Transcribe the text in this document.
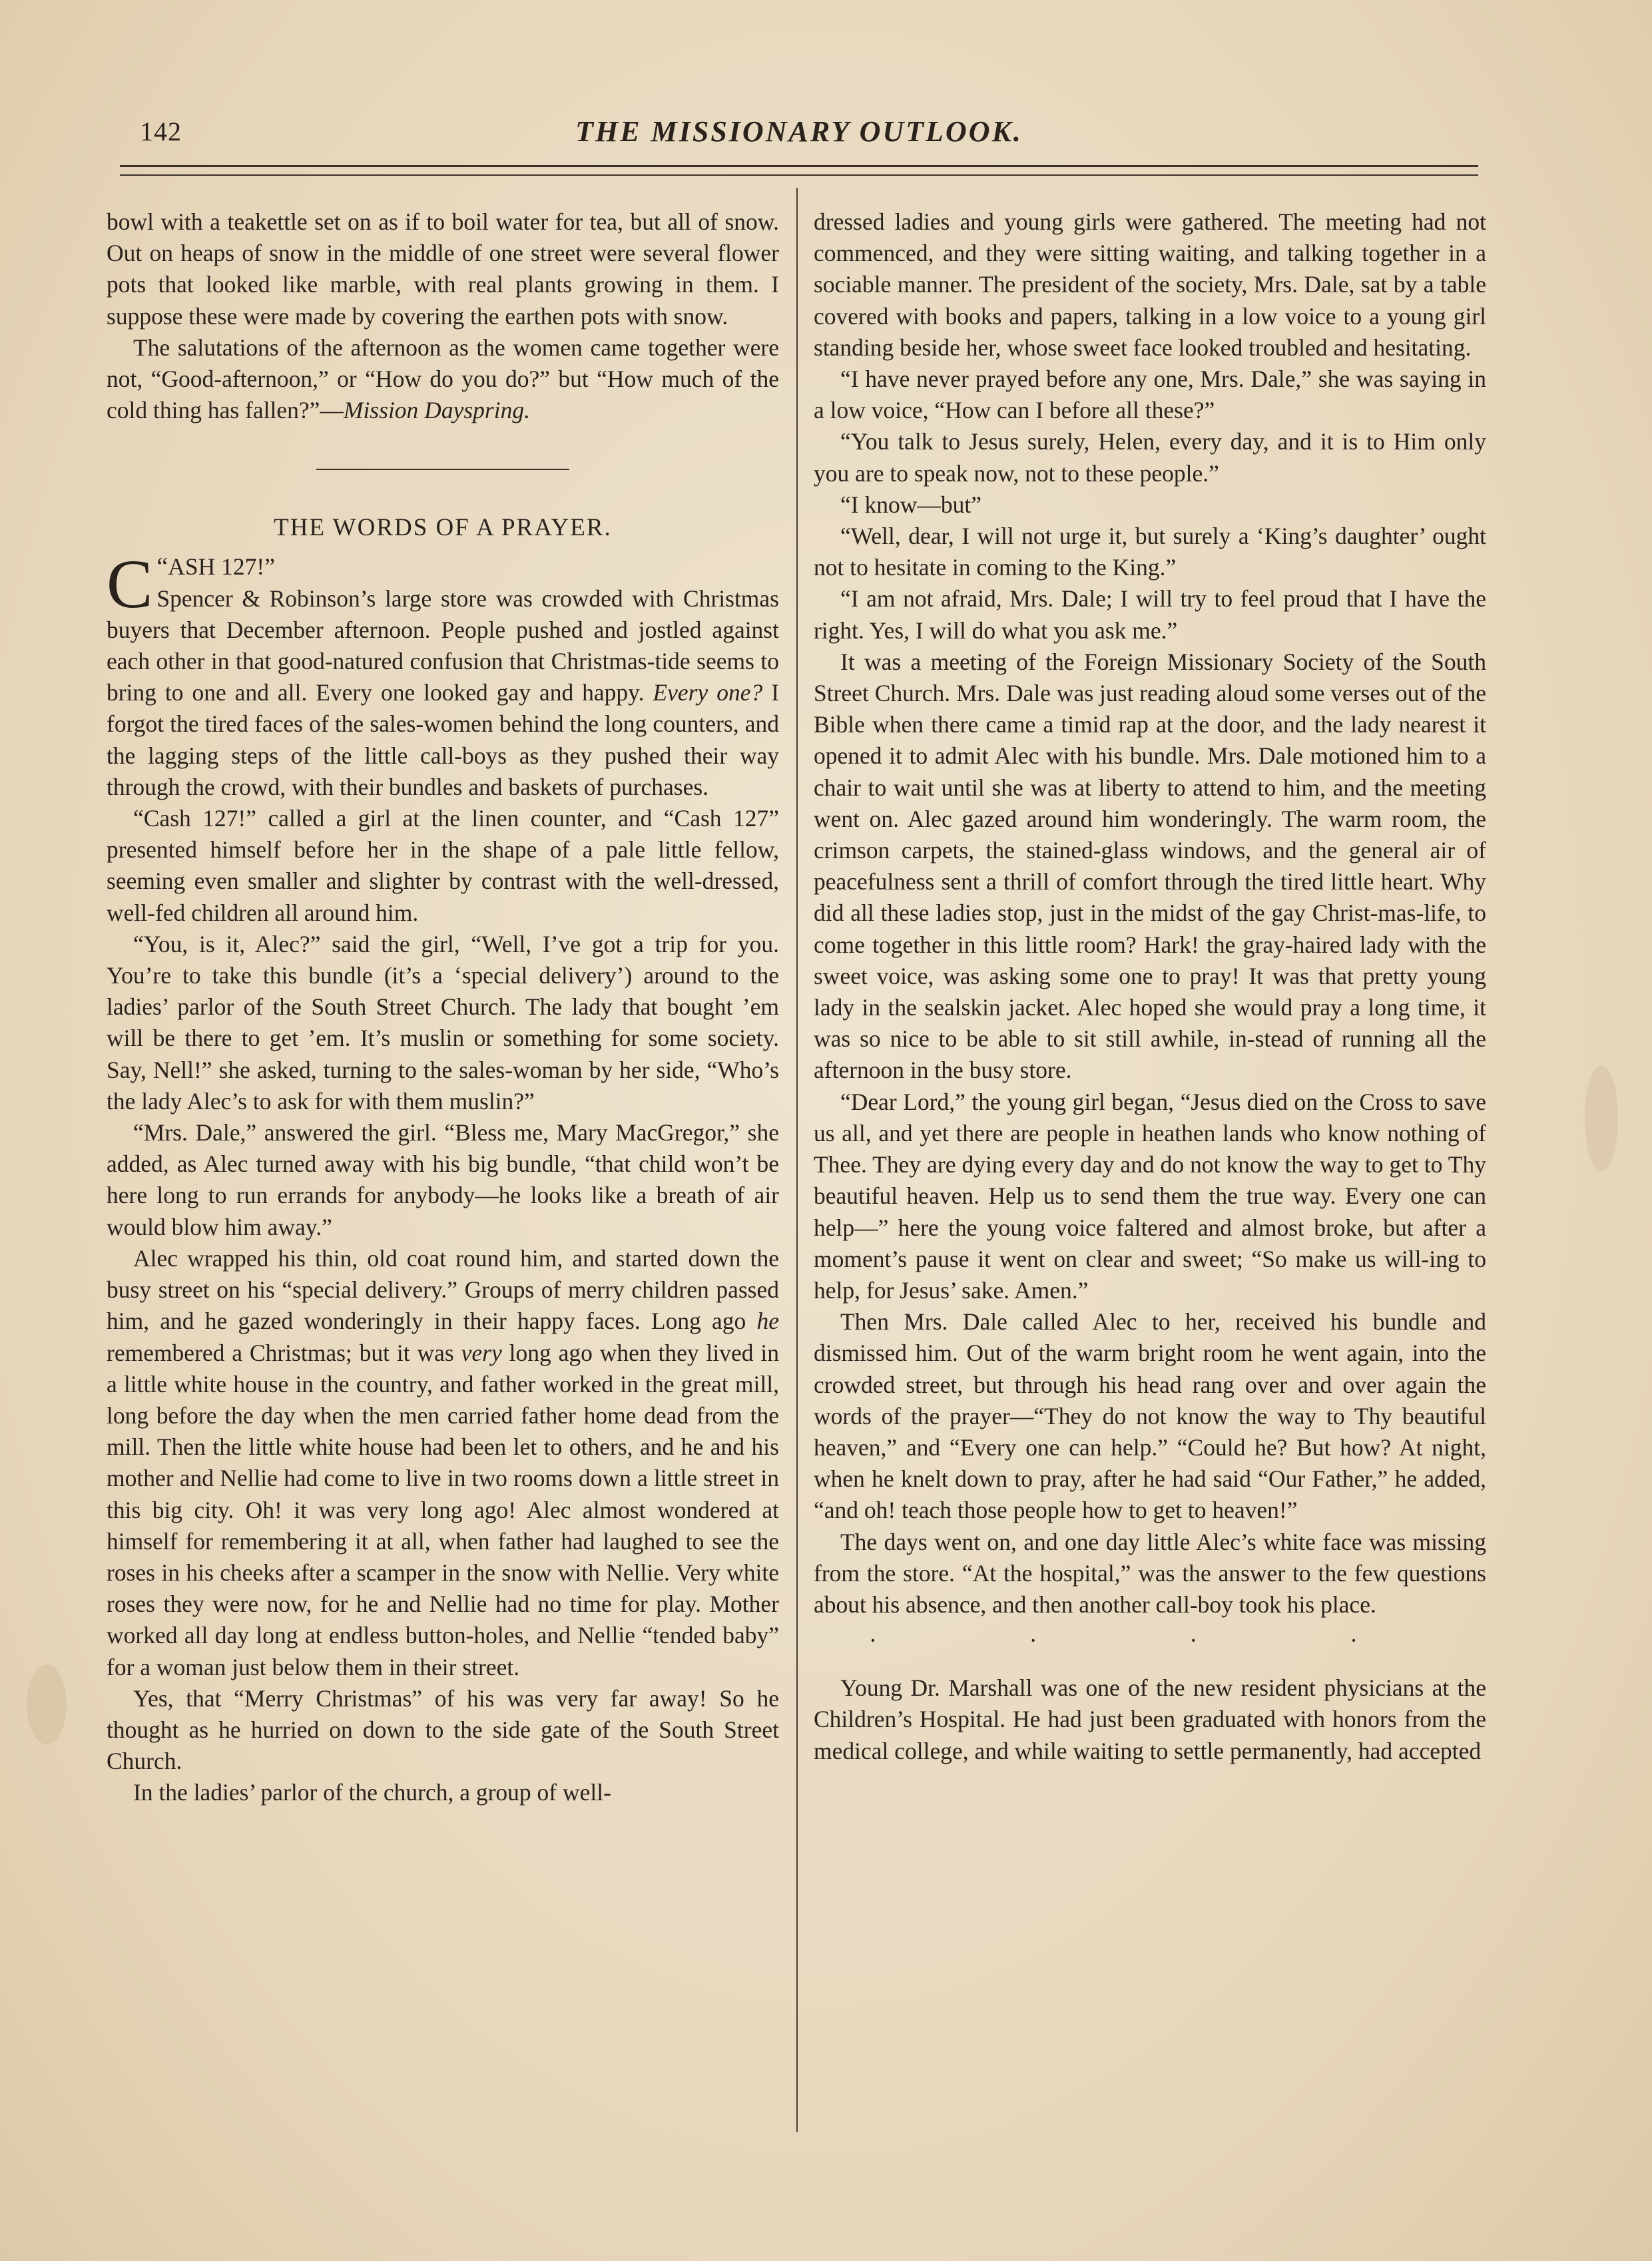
142	THE MISSIONARY OUTLOOK.

bowl with a teakettle set on as if to boil water for tea, but all of snow. Out on heaps of snow in the middle of one street were several flower pots that looked like marble, with real plants growing in them. I suppose these were made by covering the earthen pots with snow.

The salutations of the afternoon as the women came together were not, “Good-afternoon,” or “How do you do?” but “How much of the cold thing has fallen?”—Mission Dayspring.

THE WORDS OF A PRAYER.

“
C ASH 127!”
Spencer & Robinson’s large store was crowded with Christmas buyers that December afternoon. People pushed and jostled against each other in that good-natured confusion that Christmas-tide seems to bring to one and all. Every one looked gay and happy. Every one? I forgot the tired faces of the sales-women behind the long counters, and the lagging steps of the little call-boys as they pushed their way through the crowd, with their bundles and baskets of purchases.

“Cash 127!” called a girl at the linen counter, and “Cash 127” presented himself before her in the shape of a pale little fellow, seeming even smaller and slighter by contrast with the well-dressed, well-fed children all around him.

“You, is it, Alec?” said the girl, “Well, I’ve got a trip for you. You’re to take this bundle (it’s a ‘special delivery’) around to the ladies’ parlor of the South Street Church. The lady that bought ’em will be there to get ’em. It’s muslin or something for some society. Say, Nell!” she asked, turning to the sales-woman by her side, “Who’s the lady Alec’s to ask for with them muslin?”

“Mrs. Dale,” answered the girl. “Bless me, Mary MacGregor,” she added, as Alec turned away with his big bundle, “that child won’t be here long to run errands for anybody—he looks like a breath of air would blow him away.”

Alec wrapped his thin, old coat round him, and started down the busy street on his “special delivery.” Groups of merry children passed him, and he gazed wonderingly in their happy faces. Long ago he remembered a Christmas; but it was very long ago when they lived in a little white house in the country, and father worked in the great mill, long before the day when the men carried father home dead from the mill. Then the little white house had been let to others, and he and his mother and Nellie had come to live in two rooms down a little street in this big city. Oh! it was very long ago! Alec almost wondered at himself for remembering it at all, when father had laughed to see the roses in his cheeks after a scamper in the snow with Nellie. Very white roses they were now, for he and Nellie had no time for play. Mother worked all day long at endless button-holes, and Nellie “tended baby” for a woman just below them in their street.

Yes, that “Merry Christmas” of his was very far away! So he thought as he hurried on down to the side gate of the South Street Church.

In the ladies’ parlor of the church, a group of well-

dressed ladies and young girls were gathered. The meeting had not commenced, and they were sitting waiting, and talking together in a sociable manner. The president of the society, Mrs. Dale, sat by a table covered with books and papers, talking in a low voice to a young girl standing beside her, whose sweet face looked troubled and hesitating.

“I have never prayed before any one, Mrs. Dale,” she was saying in a low voice, “How can I before all these?”

“You talk to Jesus surely, Helen, every day, and it is to Him only you are to speak now, not to these people.”

“I know—but”

“Well, dear, I will not urge it, but surely a ‘King’s daughter’ ought not to hesitate in coming to the King.”

“I am not afraid, Mrs. Dale; I will try to feel proud that I have the right. Yes, I will do what you ask me.”

It was a meeting of the Foreign Missionary Society of the South Street Church. Mrs. Dale was just reading aloud some verses out of the Bible when there came a timid rap at the door, and the lady nearest it opened it to admit Alec with his bundle. Mrs. Dale motioned him to a chair to wait until she was at liberty to attend to him, and the meeting went on. Alec gazed around him wonderingly. The warm room, the crimson carpets, the stained-glass windows, and the general air of peacefulness sent a thrill of comfort through the tired little heart. Why did all these ladies stop, just in the midst of the gay Christ-mas-life, to come together in this little room? Hark! the gray-haired lady with the sweet voice, was asking some one to pray! It was that pretty young lady in the sealskin jacket. Alec hoped she would pray a long time, it was so nice to be able to sit still awhile, in-stead of running all the afternoon in the busy store.

“Dear Lord,” the young girl began, “Jesus died on the Cross to save us all, and yet there are people in heathen lands who know nothing of Thee. They are dying every day and do not know the way to get to Thy beautiful heaven. Help us to send them the true way. Every one can help—” here the young voice faltered and almost broke, but after a moment’s pause it went on clear and sweet; “So make us will-ing to help, for Jesus’ sake. Amen.”

Then Mrs. Dale called Alec to her, received his bundle and dismissed him. Out of the warm bright room he went again, into the crowded street, but through his head rang over and over again the words of the prayer—“They do not know the way to Thy beautiful heaven,” and “Every one can help.” “Could he? But how? At night, when he knelt down to pray, after he had said “Our Father,” he added, “and oh! teach those people how to get to heaven!”

The days went on, and one day little Alec’s white face was missing from the store. “At the hospital,” was the answer to the few questions about his absence, and then another call-boy took his place.

· · · ·

Young Dr. Marshall was one of the new resident physicians at the Children’s Hospital. He had just been graduated with honors from the medical college, and while waiting to settle permanently, had accepted
